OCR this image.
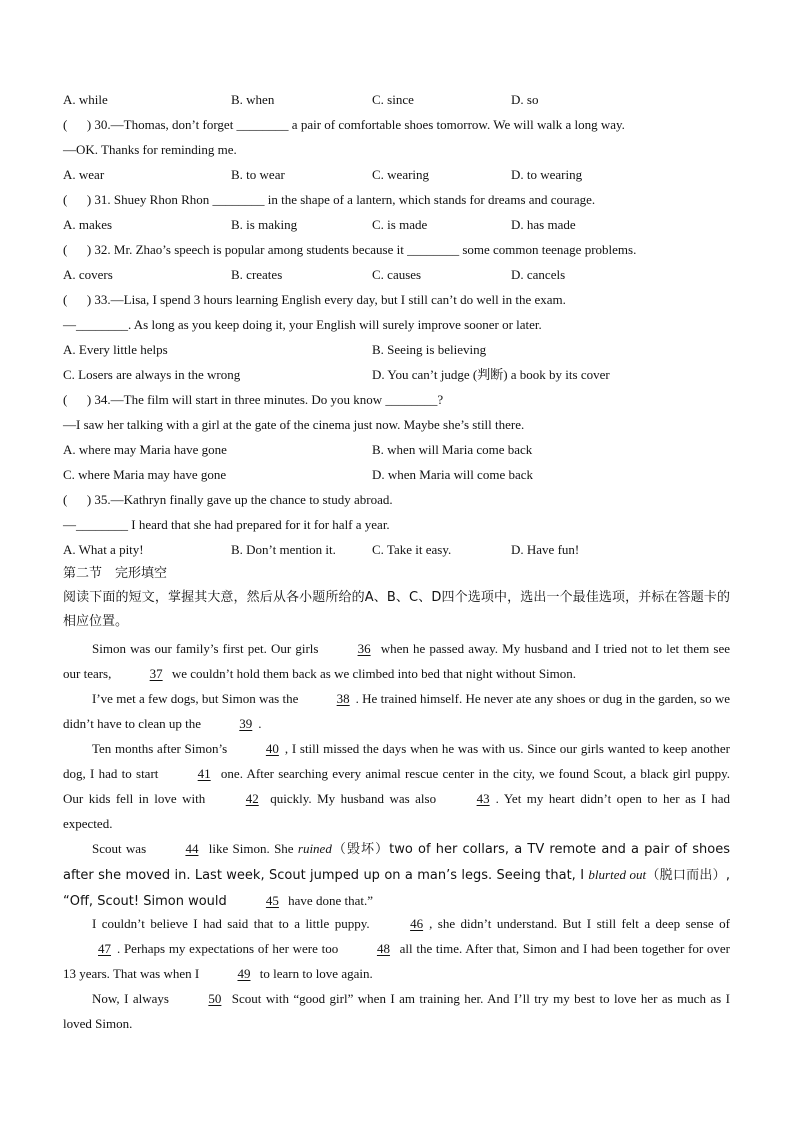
A. while	B. when	C. since	D. so
(      ) 30.—Thomas, don’t forget ________ a pair of comfortable shoes tomorrow. We will walk a long way.
—OK. Thanks for reminding me.
A. wear	B. to wear	C. wearing	D. to wearing
(      ) 31. Shuey Rhon Rhon ________ in the shape of a lantern, which stands for dreams and courage.
A. makes	B. is making	C. is made	D. has made
(      ) 32. Mr. Zhao’s speech is popular among students because it ________ some common teenage problems.
A. covers	B. creates	C. causes	D. cancels
(      ) 33.—Lisa, I spend 3 hours learning English every day, but I still can’t do well in the exam.
—________. As long as you keep doing it, your English will surely improve sooner or later.
A. Every little helps	B. Seeing is believing
C. Losers are always in the wrong	D. You can’t judge (判断) a book by its cover
(      ) 34.—The film will start in three minutes. Do you know ________?
—I saw her talking with a girl at the gate of the cinema just now. Maybe she’s still there.
A. where may Maria have gone	B. when will Maria come back
C. where Maria may have gone	D. when Maria will come back
(      ) 35.—Kathryn finally gave up the chance to study abroad.
—________ I heard that she had prepared for it for half a year.
A. What a pity!	B. Don’t mention it.	C. Take it easy.	D. Have fun!
第二节　完形填空
阅读下面的短文，掌握其大意，然后从各小题所给的A、B、C、D四个选项中，选出一个最佳选项，并标在答题卡的相应位置。
Simon was our family’s first pet. Our girls	36 when he passed away. My husband and I tried not to let them see our tears,	37 we couldn’t hold them back as we climbed into bed that night without Simon.
I’ve met a few dogs, but Simon was the	38 . He trained himself. He never ate any shoes or dug in the garden, so we didn’t have to clean up the	39 .
Ten months after Simon’s	40 , I still missed the days when he was with us. Since our girls wanted to keep another dog, I had to start	41 one. After searching every animal rescue center in the city, we found Scout, a black girl puppy. Our kids fell in love with	42 quickly. My husband was also	43 . Yet my heart didn’t open to her as I had expected.
Scout was	44 like Simon. She ruined（毁坏）two of her collars, a TV remote and a pair of shoes after she moved in. Last week, Scout jumped up on a man’s legs. Seeing that, I blurted out（脱口而出）, “Off, Scout! Simon would	45 have done that.”
I couldn’t believe I had said that to a little puppy.	46 , she didn’t understand. But I still felt a deep sense of 47 . Perhaps my expectations of her were too	48 all the time. After that, Simon and I had been together for over 13 years. That was when I	49 to learn to love again.
Now, I always	50 Scout with “good girl” when I am training her. And I’ll try my best to love her as much as I loved Simon.
